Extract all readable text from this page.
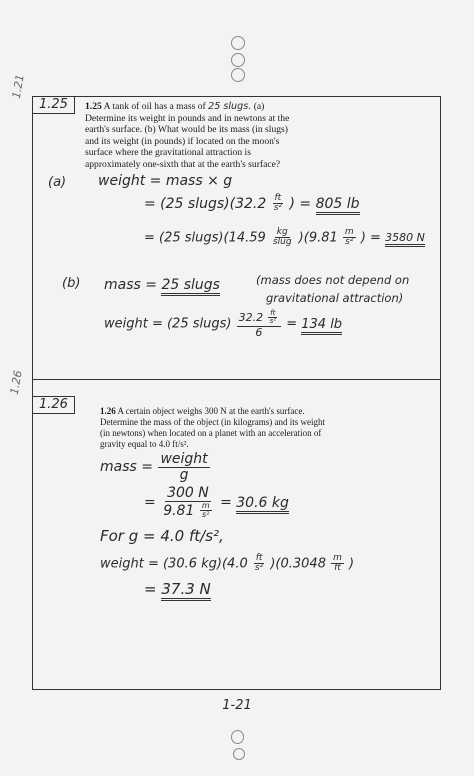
1.21
1.26
1.25	1.25 A tank of oil has a mass of 25 slugs. (a) Determine its weight in pounds and in newtons at the earth's surface. (b) What would be its mass (in slugs) and its weight (in pounds) if located on the moon's surface where the gravitational attraction is approximately one-sixth that at the earth's surface?
(a) weight = mass × g
= (25 slugs)(32.2 $\frac{ft}{\text{s²}}$ ) = 805 lb
= (25 slugs)(14.59 $\frac{kg}{\text{slug}} )(9.81 \frac{m}{\text{s²}}$ ) = 3580 N
(b) mass = 25 slugs	(mass does not depend on
gravitational attraction)
weight = (25 slugs) $\frac{32.2 \frac{ft}{\text{s²}}}{6} = 134$ lb
1.26	1.26 A certain object weighs 300 N at the earth's surface. Determine the mass of the object (in kilograms) and its weight (in newtons) when located on a planet with an acceleration of gravity equal to 4.0 ft/s².
mass = $\frac{\text{weight}}{g}$
= $\frac{300 N}{9.81 \frac{m}{\text{s²}}} = 30.6$ kg
For g = 4.0 ft/s²,
weight = (30.6 $kg)(4.0 \frac{ft}{\text{s²}} )(0.3048 \frac{m}{ft}$ )
= 37.3 N
1-21
